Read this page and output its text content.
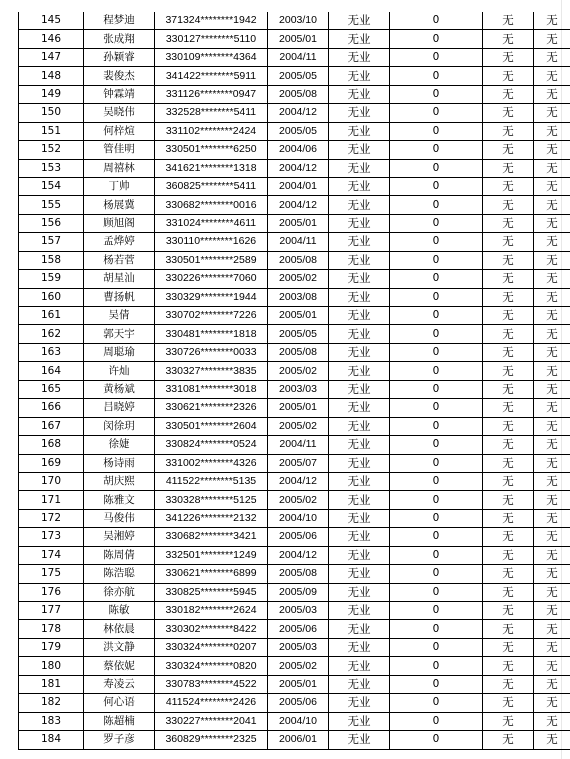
145	程梦迪	371324********1942	2003/10	无业	0	无	无
146	张成翔	330127********5110	2005/01	无业	0	无	无
147	孙颖睿	330109********4364	2004/11	无业	0	无	无
148	裴俊杰	341422********5911	2005/05	无业	0	无	无
149	钟霖靖	331126********0947	2005/08	无业	0	无	无
150	吴晓伟	332528********5411	2004/12	无业	0	无	无
151	何梓煊	331102********2424	2005/05	无业	0	无	无
152	管佳明	330501********6250	2004/06	无业	0	无	无
153	周禧林	341621********1318	2004/12	无业	0	无	无
154	丁帅	360825********5411	2004/01	无业	0	无	无
155	杨展冀	330682********0016	2004/12	无业	0	无	无
156	顾旭阁	331024********4611	2005/01	无业	0	无	无
157	孟烨婷	330110********1626	2004/11	无业	0	无	无
158	杨若菅	330501********2589	2005/08	无业	0	无	无
159	胡星汕	330226********7060	2005/02	无业	0	无	无
160	曹扬帆	330329********1944	2003/08	无业	0	无	无
161	吴倩	330702********7226	2005/01	无业	0	无	无
162	郭天宇	330481********1818	2005/05	无业	0	无	无
163	周聪瑜	330726********0033	2005/08	无业	0	无	无
164	许灿	330327********3835	2005/02	无业	0	无	无
165	黄杨斌	331081********3018	2003/03	无业	0	无	无
166	吕晓婷	330621********2326	2005/01	无业	0	无	无
167	闵徐玥	330501********2604	2005/02	无业	0	无	无
168	徐婕	330824********0524	2004/11	无业	0	无	无
169	杨诗雨	331002********4326	2005/07	无业	0	无	无
170	胡庆熙	411522********5135	2004/12	无业	0	无	无
171	陈雅文	330328********5125	2005/02	无业	0	无	无
172	马俊伟	341226********2132	2004/10	无业	0	无	无
173	吴湘婷	330682********3421	2005/06	无业	0	无	无
174	陈周倩	332501********1249	2004/12	无业	0	无	无
175	陈浩聪	330621********6899	2005/08	无业	0	无	无
176	徐亦航	330825********5945	2005/09	无业	0	无	无
177	陈敏	330182********2624	2005/03	无业	0	无	无
178	林依晨	330302********8422	2005/06	无业	0	无	无
179	洪文静	330324********0207	2005/03	无业	0	无	无
180	蔡依妮	330324********0820	2005/02	无业	0	无	无
181	寿凌云	330783********4522	2005/01	无业	0	无	无
182	何心语	411524********2426	2005/06	无业	0	无	无
183	陈超楠	330227********2041	2004/10	无业	0	无	无
184	罗子彦	360829********2325	2006/01	无业	0	无	无
